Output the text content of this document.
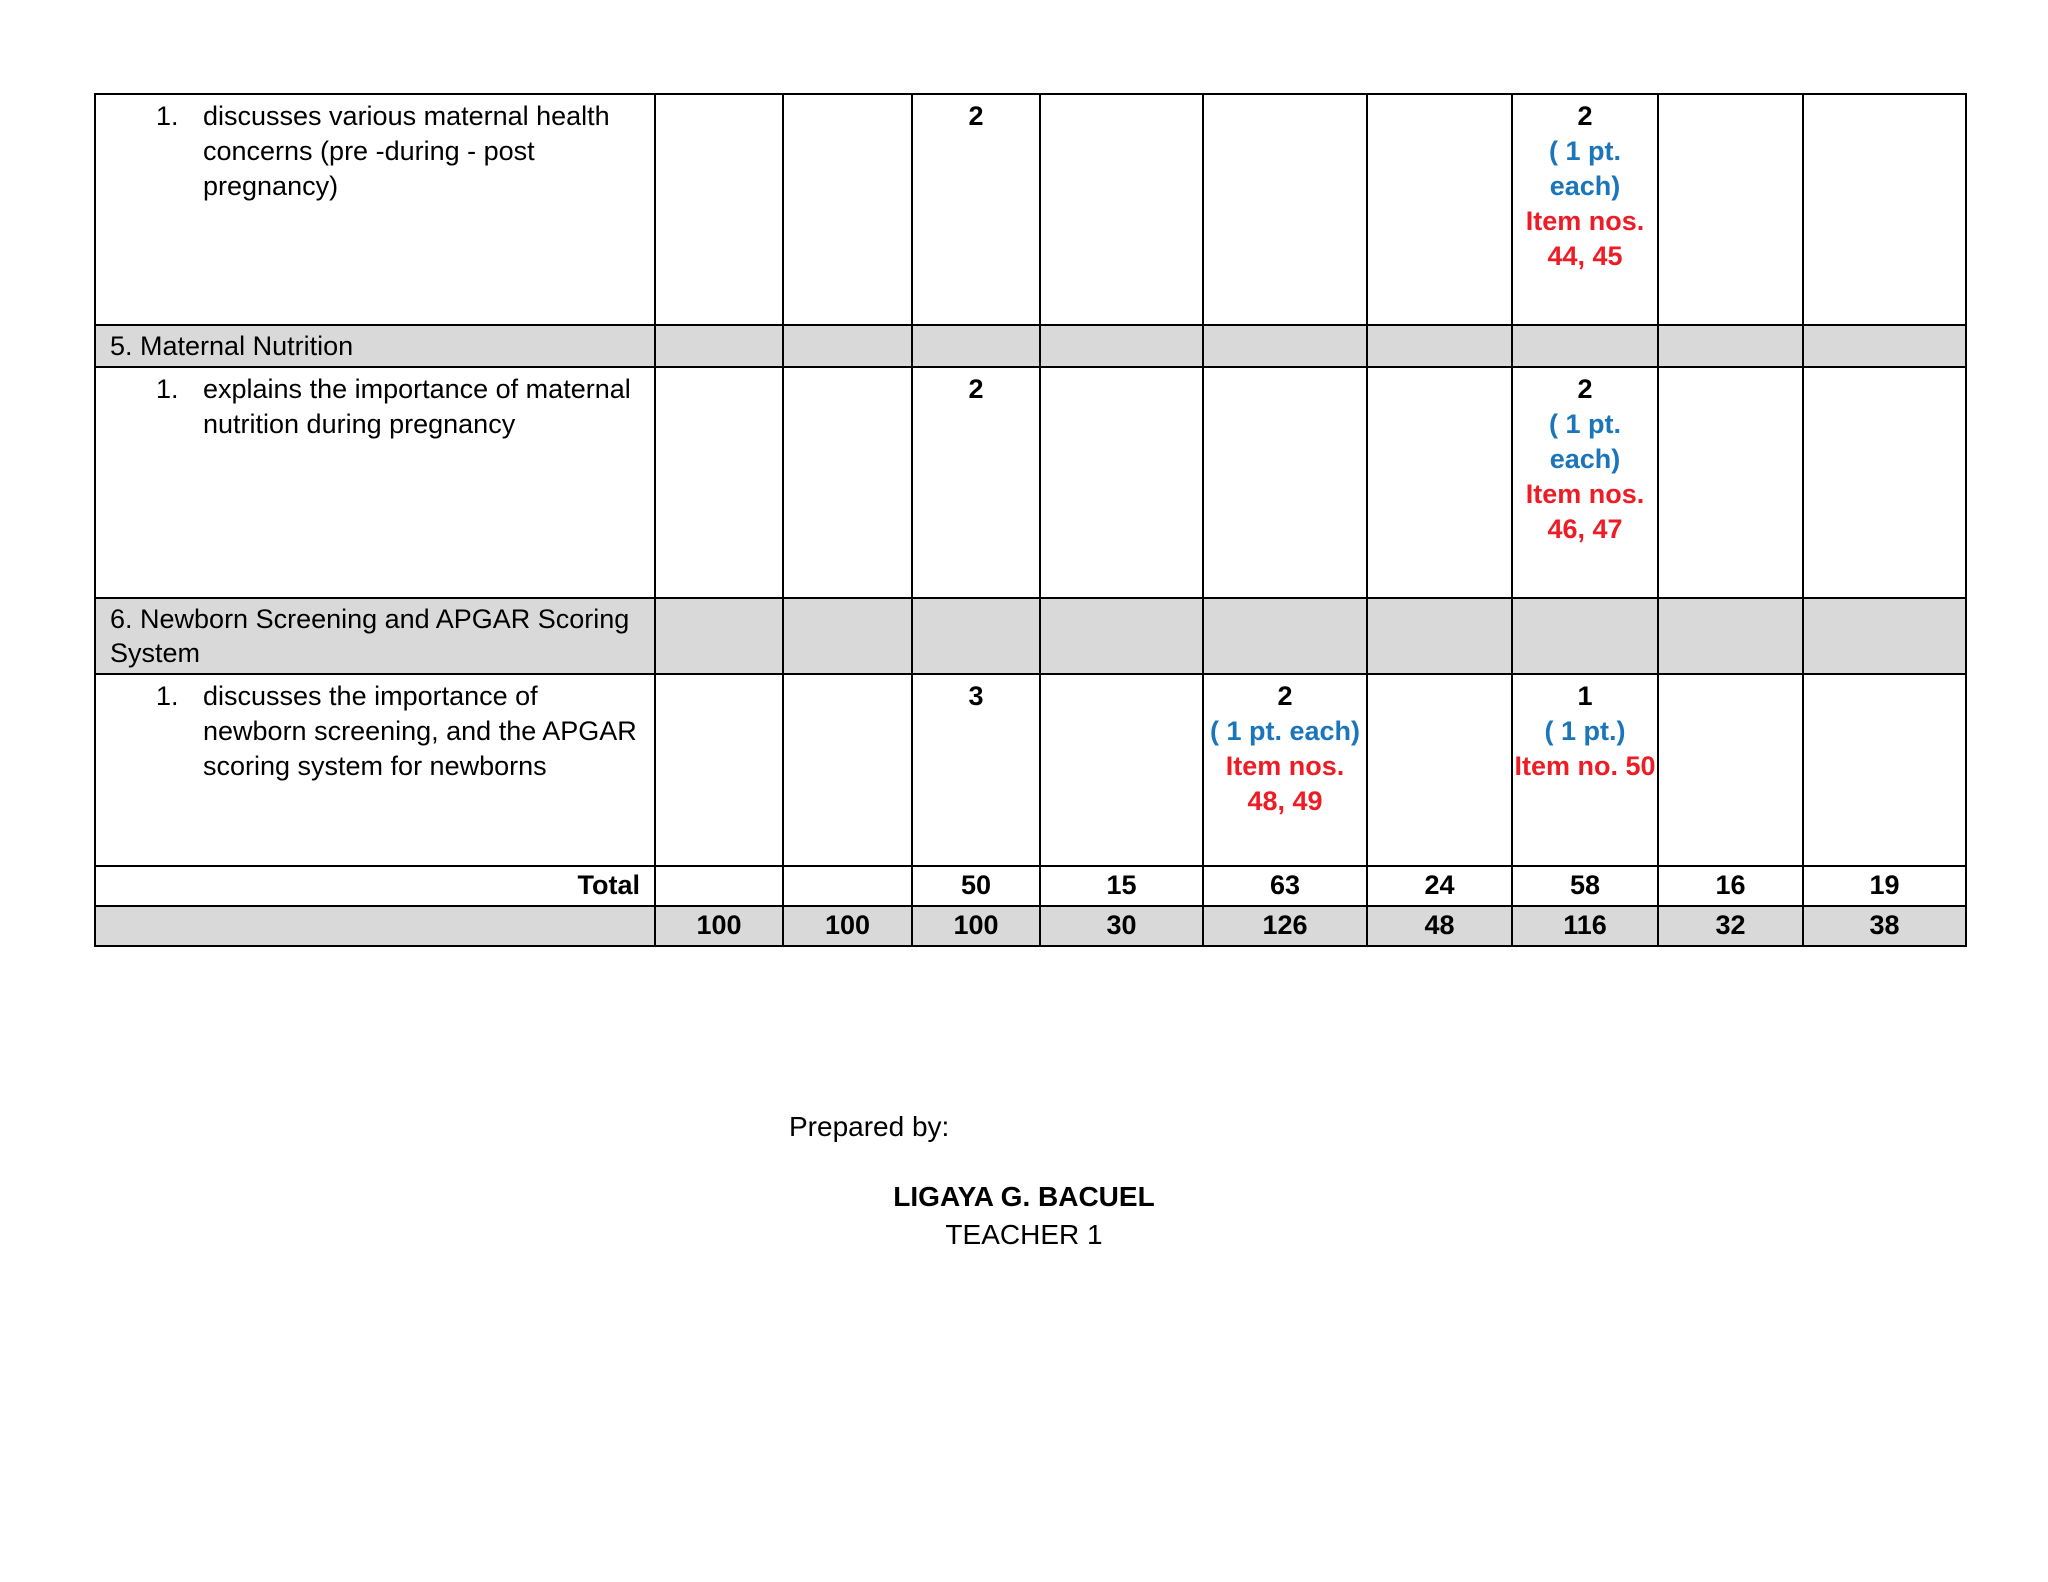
1. discusses various maternal health concerns (pre -during - post pregnancy)			2				2
( 1 pt. each)
Item nos. 44, 45		

5. Maternal Nutrition									

1. explains the importance of maternal nutrition during pregnancy			2				2
( 1 pt. each)
Item nos. 46, 47		

6. Newborn Screening and APGAR Scoring System									

1. discusses the importance of newborn screening, and the APGAR scoring system for newborns			3		2
( 1 pt. each)
Item nos. 48, 49		1
( 1 pt.)
Item no. 50		

Total			50	15	63	24	58	16	19
	100	100	100	30	126	48	116	32	38
Prepared by:
LIGAYA G. BACUEL
TEACHER 1
